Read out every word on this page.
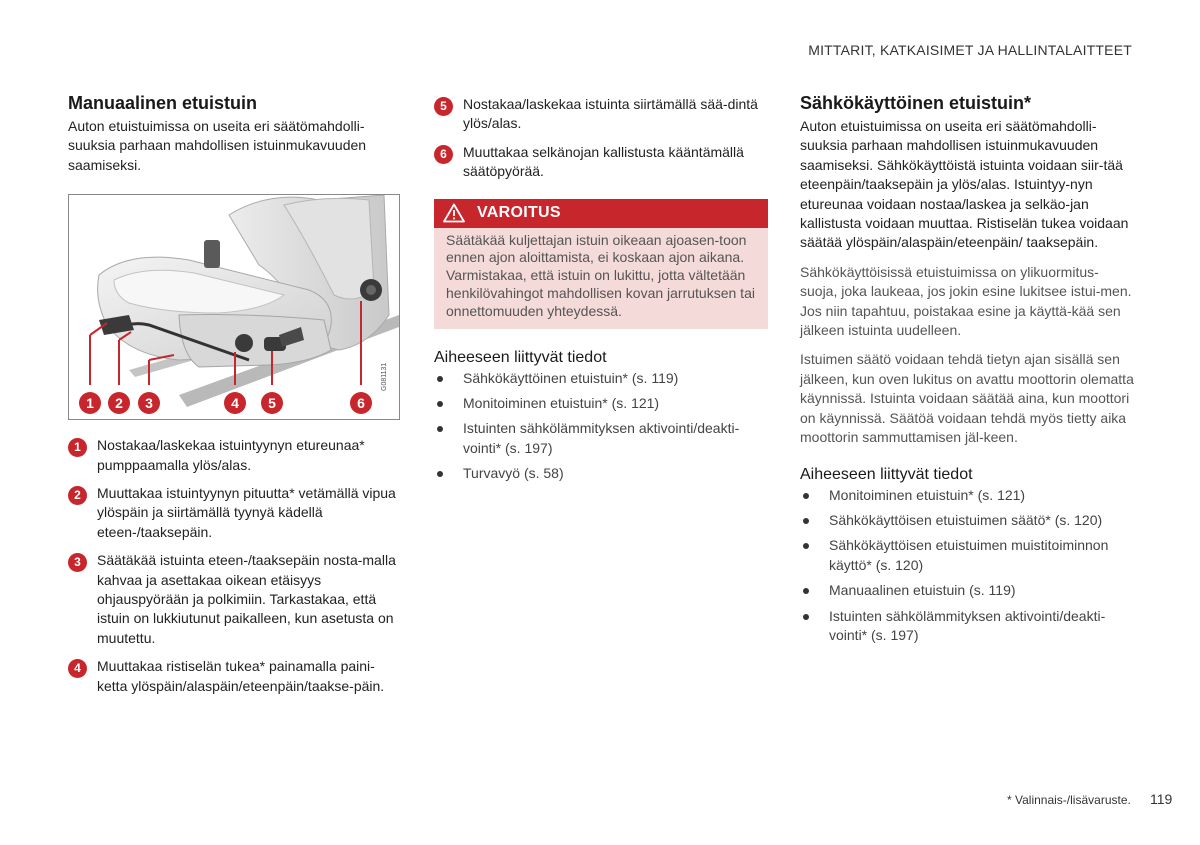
MITTARIT, KATKAISIMET JA HALLINTALAITTEET
Manuaalinen etuistuin

Auton etuistuimissa on useita eri säätömahdolli-suuksia parhaan mahdollisen istuinmukavuuden saamiseksi.

G081131
1	2	3	4	5	6
1	Nostakaa/laskekaa istuintyynyn etureunaa* pumppaamalla ylös/alas.
2	Muuttakaa istuintyynyn pituutta* vetämällä vipua ylöspäin ja siirtämällä tyynyä kädellä eteen-/taaksepäin.
3	Säätäkää istuinta eteen-/taaksepäin nosta-malla kahvaa ja asettakaa oikean etäisyys ohjauspyörään ja polkimiin. Tarkastakaa, että istuin on lukkiutunut paikalleen, kun asetusta on muutettu.
4	Muuttakaa ristiselän tukea* painamalla paini-ketta ylöspäin/alaspäin/eteenpäin/taakse-päin.
5	Nostakaa/laskekaa istuinta siirtämällä sää-dintä ylös/alas.
6	Muuttakaa selkänojan kallistusta kääntämällä säätöpyörää.
VAROITUS
Säätäkää kuljettajan istuin oikeaan ajoasen-toon ennen ajon aloittamista, ei koskaan ajon aikana. Varmistakaa, että istuin on lukittu, jotta vältetään henkilövahingot mahdollisen kovan jarrutuksen tai onnettomuuden yhteydessä.
Aiheeseen liittyvät tiedot
Sähkökäyttöinen etuistuin* (s. 119)
Monitoiminen etuistuin* (s. 121)
Istuinten sähkölämmityksen aktivointi/deakti-vointi* (s. 197)
Turvavyö (s. 58)
Sähkökäyttöinen etuistuin*

Auton etuistuimissa on useita eri säätömahdolli-suuksia parhaan mahdollisen istuinmukavuuden saamiseksi. Sähkökäyttöistä istuinta voidaan siir-tää eteenpäin/taaksepäin ja ylös/alas. Istuintyy-nyn etureunaa voidaan nostaa/laskea ja selkäo-jan kallistusta voidaan muuttaa. Ristiselän tukea voidaan säätää ylöspäin/alaspäin/eteenpäin/ taaksepäin.

Sähkökäyttöisissä etuistuimissa on ylikuormitus-suoja, joka laukeaa, jos jokin esine lukitsee istui-men. Jos niin tapahtuu, poistakaa esine ja käyttä-kää sen jälkeen istuinta uudelleen.

Istuimen säätö voidaan tehdä tietyn ajan sisällä sen jälkeen, kun oven lukitus on avattu moottorin olematta käynnissä. Istuinta voidaan säätää aina, kun moottori on käynnissä. Säätöä voidaan tehdä myös tietty aika moottorin sammuttamisen jäl-keen.

Aiheeseen liittyvät tiedot
Monitoiminen etuistuin* (s. 121)
Sähkökäyttöisen etuistuimen säätö* (s. 120)
Sähkökäyttöisen etuistuimen muistitoiminnon käyttö* (s. 120)
Manuaalinen etuistuin (s. 119)
Istuinten sähkölämmityksen aktivointi/deakti-vointi* (s. 197)
* Valinnais-/lisävaruste. 119
